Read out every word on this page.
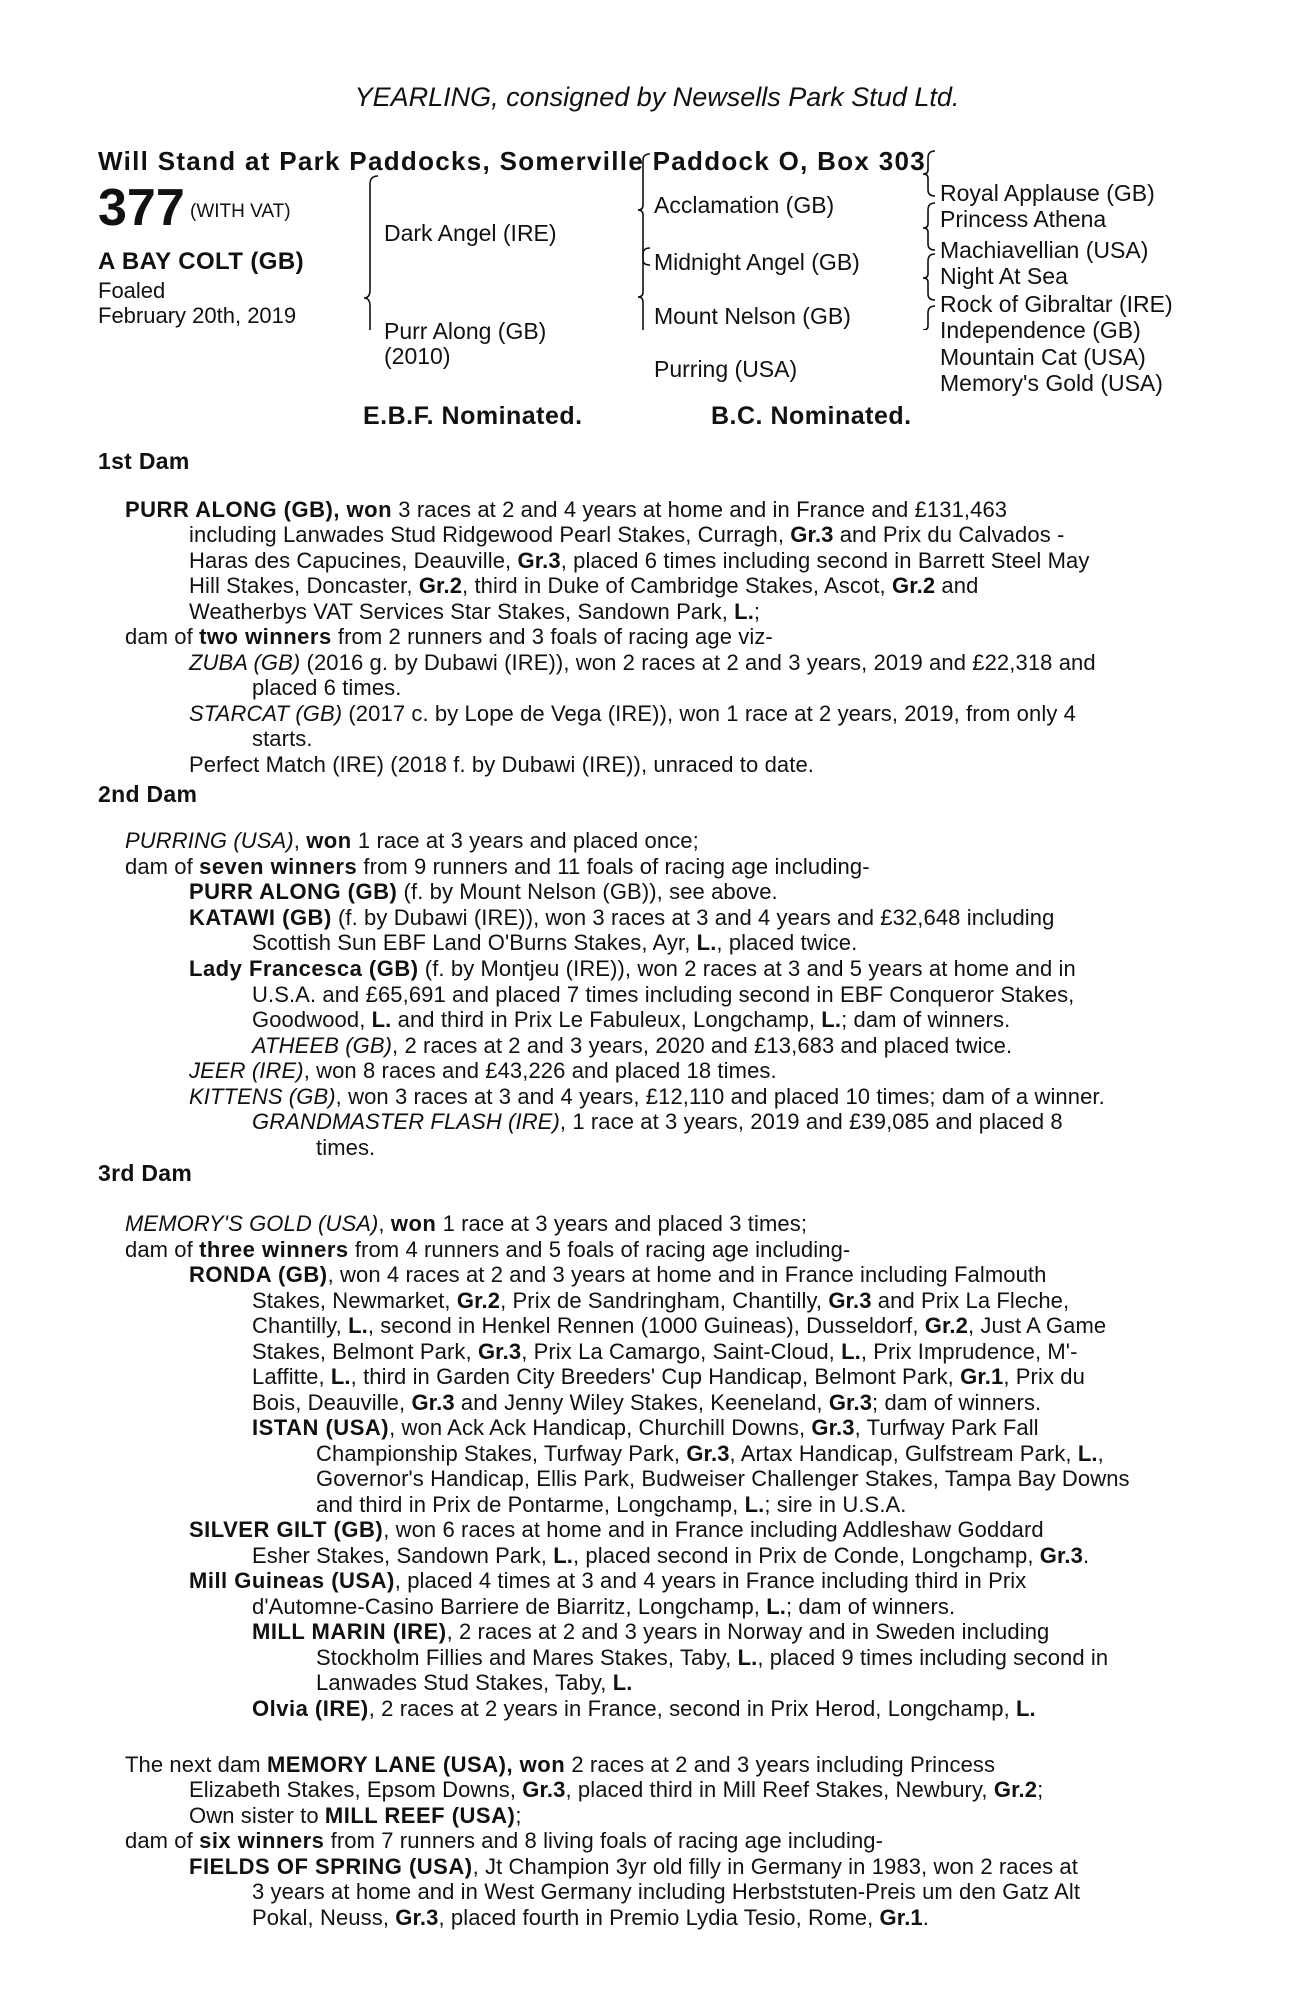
YEARLING, consigned by Newsells Park Stud Ltd.
Will Stand at Park Paddocks, Somerville Paddock O, Box 303
377 (WITH VAT)
A BAY COLT (GB)
Foaled
February 20th, 2019
Dark Angel (IRE)
Purr Along (GB)
(2010)
Acclamation (GB)
Midnight Angel (GB)
Mount Nelson (GB)
Purring (USA)
Royal Applause (GB)
Princess Athena
Machiavellian (USA)
Night At Sea
Rock of Gibraltar (IRE)
Independence (GB)
Mountain Cat (USA)
Memory's Gold (USA)
E.B.F. Nominated.	B.C. Nominated.
1st Dam
2nd Dam
3rd Dam
PURR ALONG (GB), won 3 races at 2 and 4 years at home and in France and £131,463
including Lanwades Stud Ridgewood Pearl Stakes, Curragh, Gr.3 and Prix du Calvados -
Haras des Capucines, Deauville, Gr.3, placed 6 times including second in Barrett Steel May
Hill Stakes, Doncaster, Gr.2, third in Duke of Cambridge Stakes, Ascot, Gr.2 and
Weatherbys VAT Services Star Stakes, Sandown Park, L.;
dam of two winners from 2 runners and 3 foals of racing age viz-
ZUBA (GB) (2016 g. by Dubawi (IRE)), won 2 races at 2 and 3 years, 2019 and £22,318 and
placed 6 times.
STARCAT (GB) (2017 c. by Lope de Vega (IRE)), won 1 race at 2 years, 2019, from only 4
starts.
Perfect Match (IRE) (2018 f. by Dubawi (IRE)), unraced to date.
PURRING (USA), won 1 race at 3 years and placed once;
dam of seven winners from 9 runners and 11 foals of racing age including-
PURR ALONG (GB) (f. by Mount Nelson (GB)), see above.
KATAWI (GB) (f. by Dubawi (IRE)), won 3 races at 3 and 4 years and £32,648 including
Scottish Sun EBF Land O'Burns Stakes, Ayr, L., placed twice.
Lady Francesca (GB) (f. by Montjeu (IRE)), won 2 races at 3 and 5 years at home and in
U.S.A. and £65,691 and placed 7 times including second in EBF Conqueror Stakes,
Goodwood, L. and third in Prix Le Fabuleux, Longchamp, L.; dam of winners.
ATHEEB (GB), 2 races at 2 and 3 years, 2020 and £13,683 and placed twice.
JEER (IRE), won 8 races and £43,226 and placed 18 times.
KITTENS (GB), won 3 races at 3 and 4 years, £12,110 and placed 10 times; dam of a winner.
GRANDMASTER FLASH (IRE), 1 race at 3 years, 2019 and £39,085 and placed 8
times.
MEMORY'S GOLD (USA), won 1 race at 3 years and placed 3 times;
dam of three winners from 4 runners and 5 foals of racing age including-
RONDA (GB), won 4 races at 2 and 3 years at home and in France including Falmouth
Stakes, Newmarket, Gr.2, Prix de Sandringham, Chantilly, Gr.3 and Prix La Fleche,
Chantilly, L., second in Henkel Rennen (1000 Guineas), Dusseldorf, Gr.2, Just A Game
Stakes, Belmont Park, Gr.3, Prix La Camargo, Saint-Cloud, L., Prix Imprudence, M'-
Laffitte, L., third in Garden City Breeders' Cup Handicap, Belmont Park, Gr.1, Prix du
Bois, Deauville, Gr.3 and Jenny Wiley Stakes, Keeneland, Gr.3; dam of winners.
ISTAN (USA), won Ack Ack Handicap, Churchill Downs, Gr.3, Turfway Park Fall
Championship Stakes, Turfway Park, Gr.3, Artax Handicap, Gulfstream Park, L.,
Governor's Handicap, Ellis Park, Budweiser Challenger Stakes, Tampa Bay Downs
and third in Prix de Pontarme, Longchamp, L.; sire in U.S.A.
SILVER GILT (GB), won 6 races at home and in France including Addleshaw Goddard
Esher Stakes, Sandown Park, L., placed second in Prix de Conde, Longchamp, Gr.3.
Mill Guineas (USA), placed 4 times at 3 and 4 years in France including third in Prix
d'Automne-Casino Barriere de Biarritz, Longchamp, L.; dam of winners.
MILL MARIN (IRE), 2 races at 2 and 3 years in Norway and in Sweden including
Stockholm Fillies and Mares Stakes, Taby, L., placed 9 times including second in
Lanwades Stud Stakes, Taby, L.
Olvia (IRE), 2 races at 2 years in France, second in Prix Herod, Longchamp, L.
The next dam MEMORY LANE (USA), won 2 races at 2 and 3 years including Princess
Elizabeth Stakes, Epsom Downs, Gr.3, placed third in Mill Reef Stakes, Newbury, Gr.2;
Own sister to MILL REEF (USA);
dam of six winners from 7 runners and 8 living foals of racing age including-
FIELDS OF SPRING (USA), Jt Champion 3yr old filly in Germany in 1983, won 2 races at
3 years at home and in West Germany including Herbststuten-Preis um den Gatz Alt
Pokal, Neuss, Gr.3, placed fourth in Premio Lydia Tesio, Rome, Gr.1.
